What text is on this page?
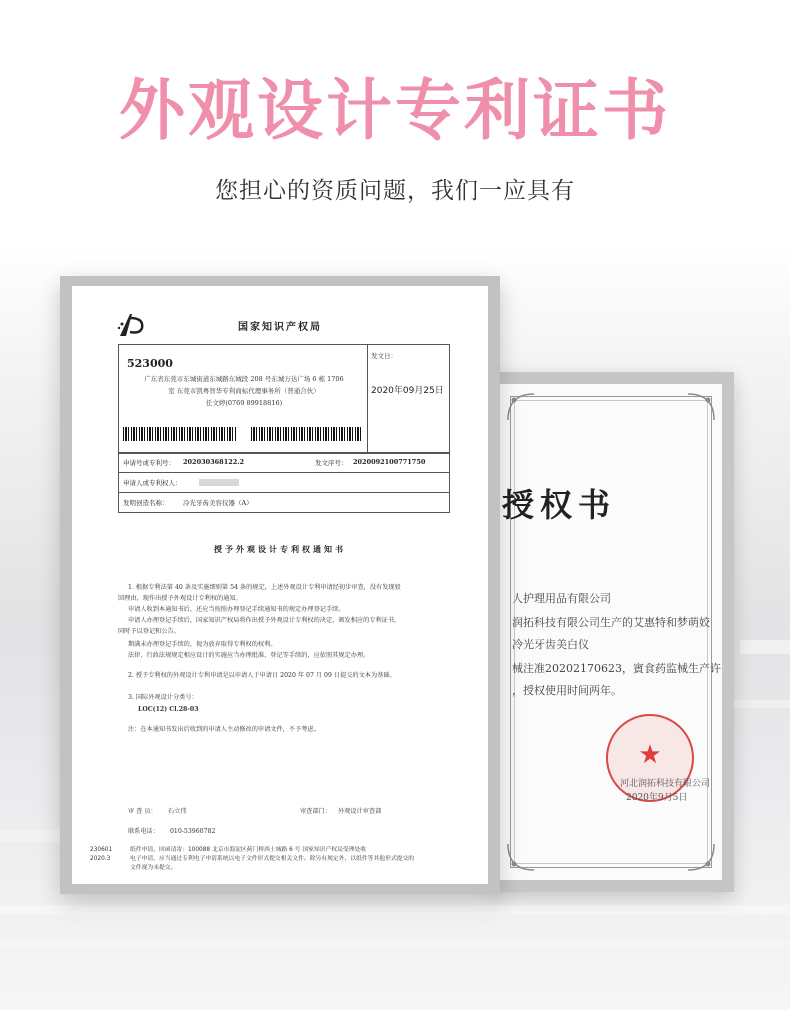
外观设计专利证书
您担心的资质问题，我们一应具有
授权书
人护理用品有限公司
润拓科技有限公司生产的艾惠特和梦萌姣
冷光牙齿美白仪
械注准20202170623，賓食药监械生产许
，授权使用时间两年。
★
河北润拓科技有限公司
2020年9月5日
国家知识产权局
523000
广东省东莞市东城街道东城路东城段 208 号东城万达广场 6 栋 1706
室 东莞市凯粤智华专利商标代理事务所（普通合伙）
任文婷(0769 89918816)
发文日：
2020年09月25日
申请号或专利号： 202030368122.2	发文序号： 2020092100771750
申请人或专利权人：
发明创造名称： 冷光牙齿美容仪器（A）
授予外观设计专利权通知书
1. 根据专利法第 40 条及实施细则第 54 条的规定，上述外观设计专利申请经初步审查，没有发现驳
回理由，现作出授予外观设计专利权的通知。
申请人收到本通知书后，还应当按照办理登记手续通知书的规定办理登记手续。
申请人办理登记手续后，国家知识产权局将作出授予外观设计专利权的决定，颁发相应的专利证书，
同时予以登记和公告。
期满未办理登记手续的，视为放弃取得专利权的权利。
法律、行政法规规定相应设计的实施应当办理批准、登记等手续的，应依照其规定办理。
2. 授予专利权的外观设计专利申请是以申请人于申请日 2020 年 07 月 09 日提交的文本为基础。
3. 国际外观设计分类号：
LOC(12) Cl.28-03
注：在本通知书发出后收到的申请人主动修改的申请文件，不予考虑。
审 查 员： 石立伟	审查部门： 外观设计审查部
联系电话： 010-53960782
230601
2020.3
纸件申请，回函请寄：100088 北京市海淀区蓟门桥西土城路 6 号 国家知识产权局受理处收
电子申请，应当通过专利电子申请系统以电子文件形式提交相关文件。除另有规定外，以纸件等其他形式提交的
文件视为未提交。
